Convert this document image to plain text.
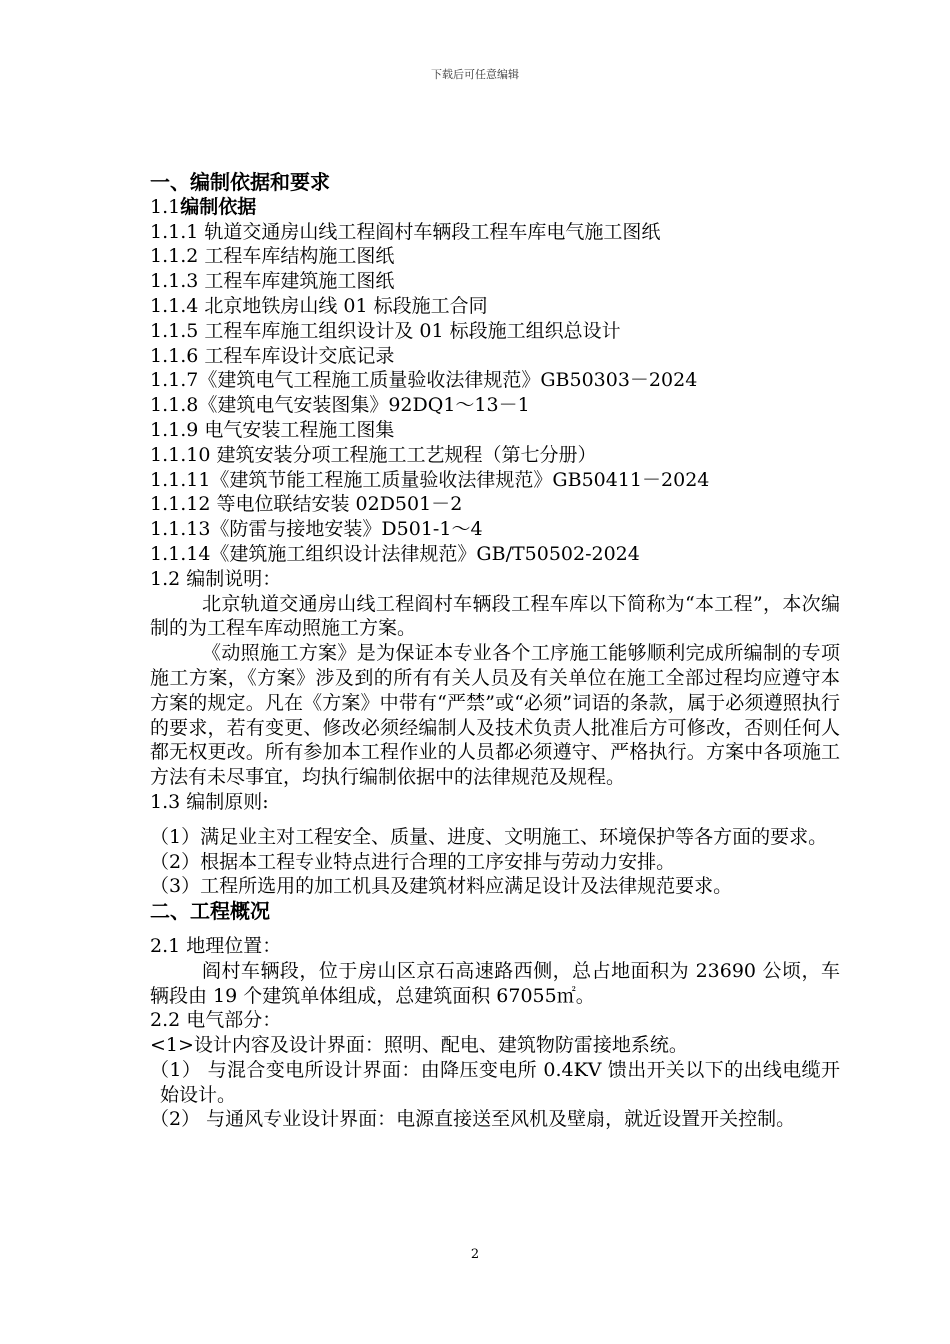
下载后可任意编辑
一、编制依据和要求
1.1编制依据
1.1.1 轨道交通房山线工程阎村车辆段工程车库电气施工图纸
1.1.2 工程车库结构施工图纸
1.1.3 工程车库建筑施工图纸
1.1.4 北京地铁房山线 01 标段施工合同
1.1.5 工程车库施工组织设计及 01 标段施工组织总设计
1.1.6 工程车库设计交底记录
1.1.7《建筑电气工程施工质量验收法律规范》GB50303－2024
1.1.8《建筑电气安装图集》92DQ1～13－1
1.1.9 电气安装工程施工图集
1.1.10 建筑安装分项工程施工工艺规程（第七分册）
1.1.11《建筑节能工程施工质量验收法律规范》GB50411－2024
1.1.12 等电位联结安装 02D501－2
1.1.13《防雷与接地安装》D501-1～4
1.1.14《建筑施工组织设计法律规范》GB/T50502-2024
1.2 编制说明：
北京轨道交通房山线工程阎村车辆段工程车库以下简称为“本工程”，本次编制的为工程车库动照施工方案。
《动照施工方案》是为保证本专业各个工序施工能够顺利完成所编制的专项施工方案，《方案》涉及到的所有有关人员及有关单位在施工全部过程均应遵守本方案的规定。凡在《方案》中带有“严禁”或“必须”词语的条款，属于必须遵照执行的要求，若有变更、修改必须经编制人及技术负责人批准后方可修改，否则任何人都无权更改。所有参加本工程作业的人员都必须遵守、严格执行。方案中各项施工方法有未尽事宜，均执行编制依据中的法律规范及规程。
1.3 编制原则:
（1）满足业主对工程安全、质量、进度、文明施工、环境保护等各方面的要求。
（2）根据本工程专业特点进行合理的工序安排与劳动力安排。
（3）工程所选用的加工机具及建筑材料应满足设计及法律规范要求。
二、工程概况
2.1 地理位置：
阎村车辆段，位于房山区京石高速路西侧，总占地面积为 23690 公顷，车辆段由 19 个建筑单体组成，总建筑面积 67055㎡。
2.2 电气部分：
<1>设计内容及设计界面：照明、配电、建筑物防雷接地系统。
（1） 与混合变电所设计界面：由降压变电所 0.4KV 馈出开关以下的出线电缆开始设计。
（2） 与通风专业设计界面：电源直接送至风机及壁扇，就近设置开关控制。
2
